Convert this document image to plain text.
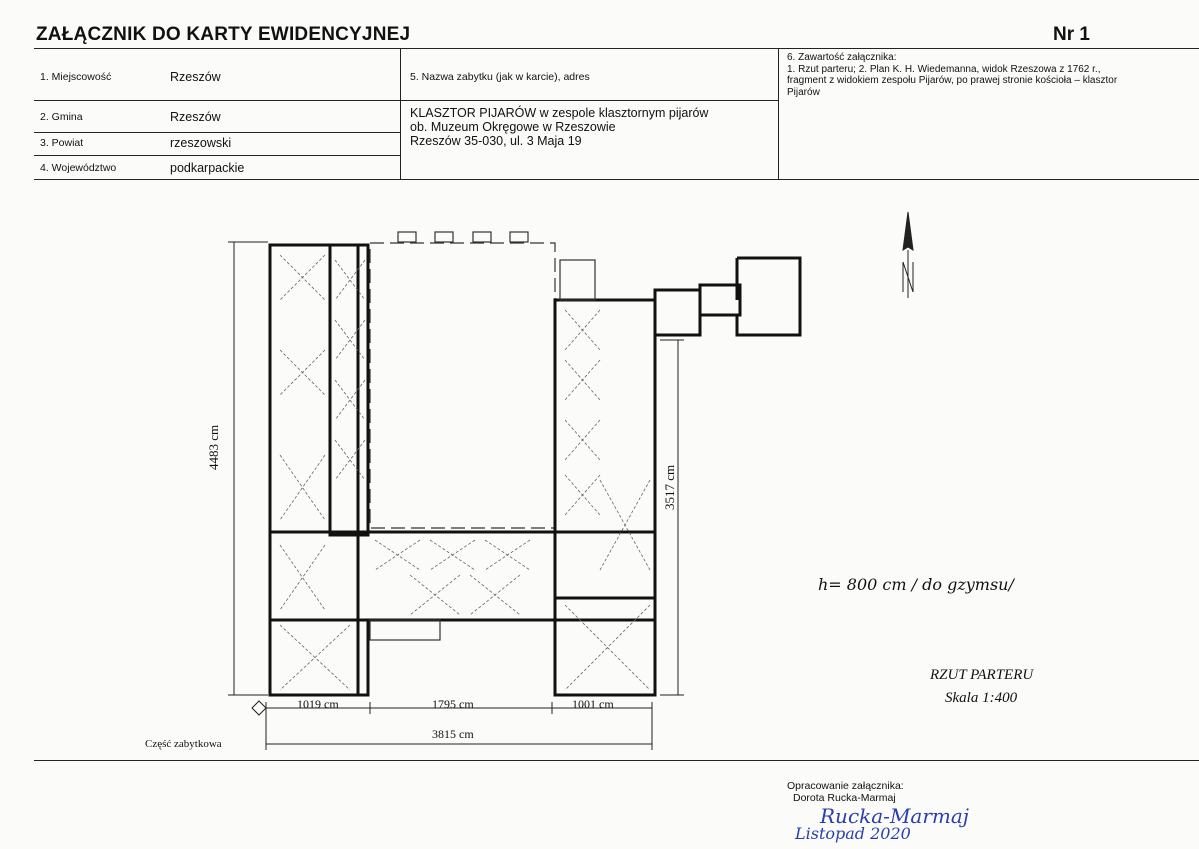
ZAŁĄCZNIK DO KARTY EWIDENCYJNEJ	Nr 1
1. Miejscowość	Rzeszów
2. Gmina	Rzeszów
3. Powiat	rzeszowski
4. Województwo	podkarpackie
5. Nazwa zabytku (jak w karcie), adres
KLASZTOR PIJARÓW w zespole klasztornym pijarów
ob. Muzeum Okręgowe w Rzeszowie
Rzeszów 35-030, ul. 3 Maja 19
6. Zawartość załącznika:
1. Rzut parteru; 2. Plan K. H. Wiedemanna, widok Rzeszowa z 1762 r.,
fragment z widokiem zespołu Pijarów, po prawej stronie kościoła – klasztor
Pijarów
4483 cm
3517 cm
1019 cm	1795 cm	1001 cm
3815 cm
h= 800 cm / do gzymsu/
RZUT PARTERU
Skala 1:400
Część zabytkowa
Opracowanie załącznika:
Dorota Rucka-Marmaj
Rucka-Marmaj
Listopad 2020
